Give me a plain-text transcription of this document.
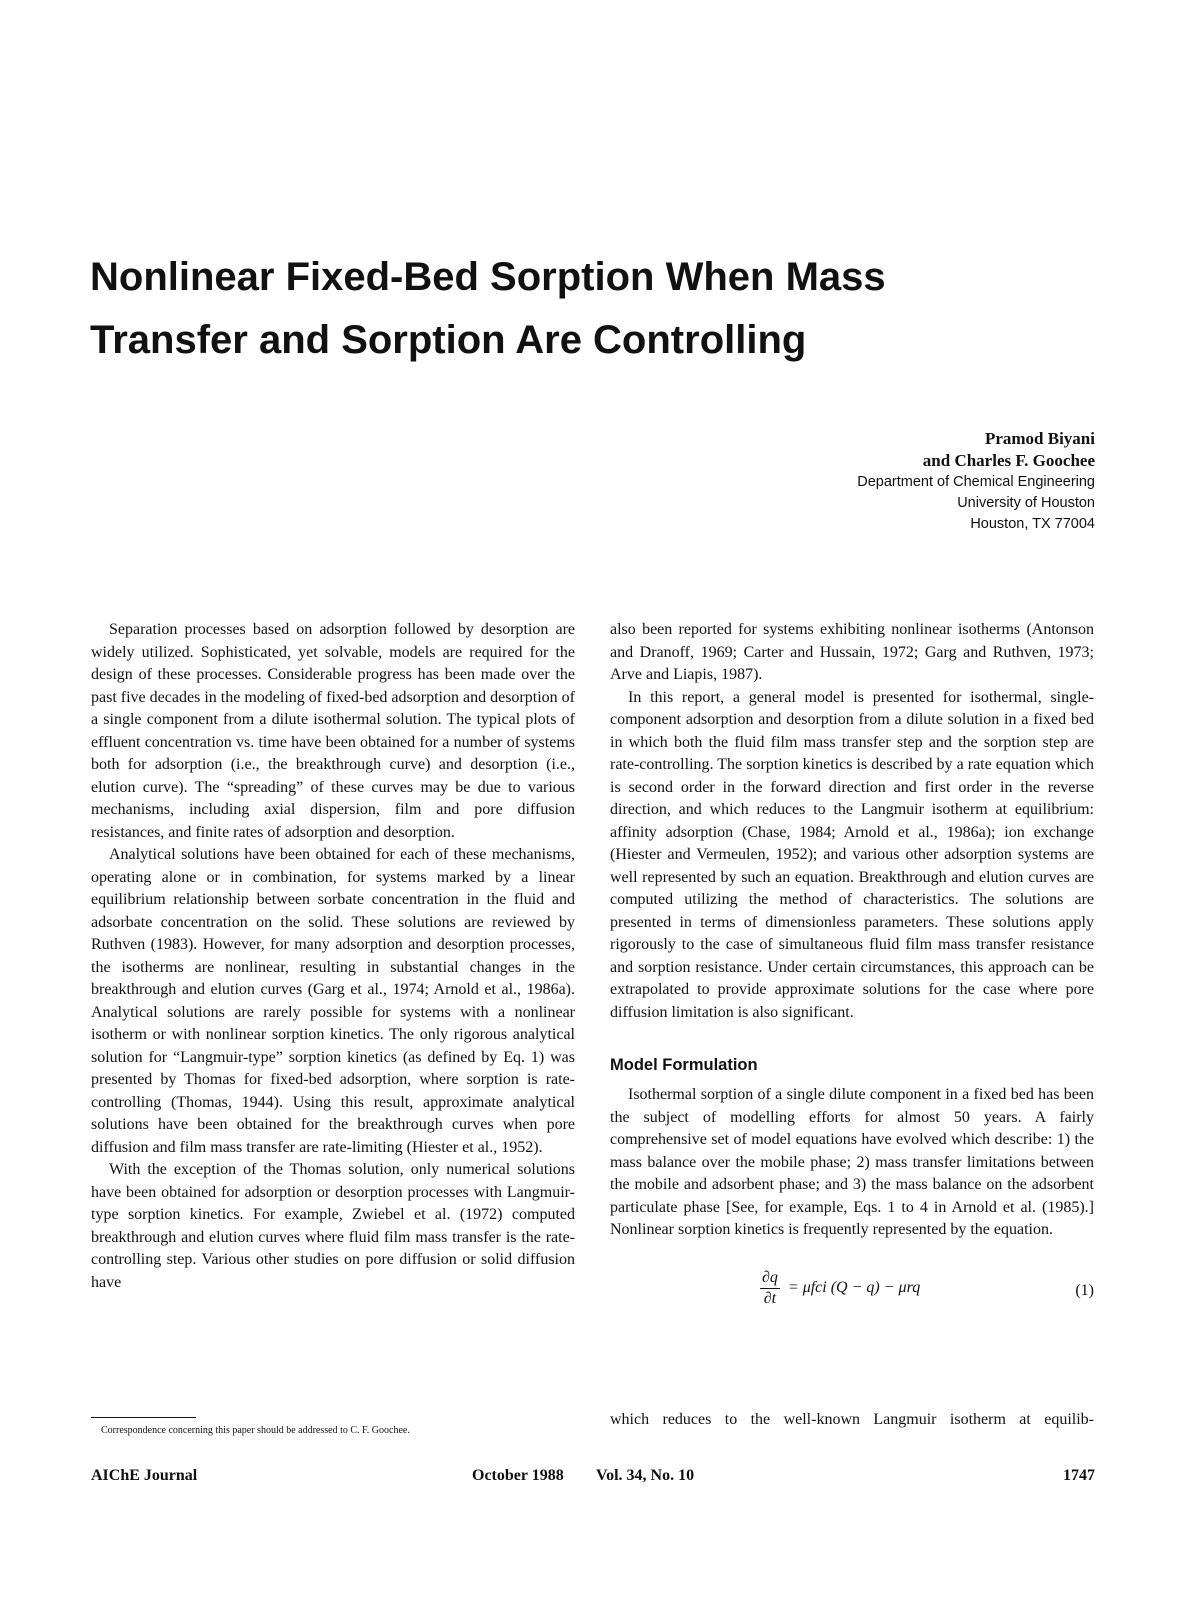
Nonlinear Fixed-Bed Sorption When Mass
Transfer and Sorption Are Controlling
Pramod Biyani
and Charles F. Goochee
Department of Chemical Engineering
University of Houston
Houston, TX 77004

Separation processes based on adsorption followed by desorption are widely utilized. Sophisticated, yet solvable, models are required for the design of these processes. Considerable progress has been made over the past five decades in the modeling of fixed-bed adsorption and desorption of a single component from a dilute isothermal solution. The typical plots of effluent concentration vs. time have been obtained for a number of systems both for adsorption (i.e., the breakthrough curve) and desorption (i.e., elution curve). The “spreading” of these curves may be due to various mechanisms, including axial dispersion, film and pore diffusion resistances, and finite rates of adsorption and desorption.

Analytical solutions have been obtained for each of these mechanisms, operating alone or in combination, for systems marked by a linear equilibrium relationship between sorbate concentration in the fluid and adsorbate concentration on the solid. These solutions are reviewed by Ruthven (1983). However, for many adsorption and desorption processes, the isotherms are nonlinear, resulting in substantial changes in the breakthrough and elution curves (Garg et al., 1974; Arnold et al., 1986a). Analytical solutions are rarely possible for systems with a nonlinear isotherm or with nonlinear sorption kinetics. The only rigorous analytical solution for “Langmuir-type” sorption kinetics (as defined by Eq. 1) was presented by Thomas for fixed-bed adsorption, where sorption is rate-controlling (Thomas, 1944). Using this result, approximate analytical solutions have been obtained for the breakthrough curves when pore diffusion and film mass transfer are rate-limiting (Hiester et al., 1952).

With the exception of the Thomas solution, only numerical solutions have been obtained for adsorption or desorption processes with Langmuir-type sorption kinetics. For example, Zwiebel et al. (1972) computed breakthrough and elution curves where fluid film mass transfer is the rate-controlling step. Various other studies on pore diffusion or solid diffusion have

also been reported for systems exhibiting nonlinear isotherms (Antonson and Dranoff, 1969; Carter and Hussain, 1972; Garg and Ruthven, 1973; Arve and Liapis, 1987).

In this report, a general model is presented for isothermal, single-component adsorption and desorption from a dilute solution in a fixed bed in which both the fluid film mass transfer step and the sorption step are rate-controlling. The sorption kinetics is described by a rate equation which is second order in the forward direction and first order in the reverse direction, and which reduces to the Langmuir isotherm at equilibrium: affinity adsorption (Chase, 1984; Arnold et al., 1986a); ion exchange (Hiester and Vermeulen, 1952); and various other adsorption systems are well represented by such an equation. Breakthrough and elution curves are computed utilizing the method of characteristics. The solutions are presented in terms of dimensionless parameters. These solutions apply rigorously to the case of simultaneous fluid film mass transfer resistance and sorption resistance. Under certain circumstances, this approach can be extrapolated to provide approximate solutions for the case where pore diffusion limitation is also significant.

Model Formulation

Isothermal sorption of a single dilute component in a fixed bed has been the subject of modelling efforts for almost 50 years. A fairly comprehensive set of model equations have evolved which describe: 1) the mass balance over the mobile phase; 2) mass transfer limitations between the mobile and adsorbent phase; and 3) the mass balance on the adsorbent particulate phase [See, for example, Eqs. 1 to 4 in Arnold et al. (1985).] Nonlinear sorption kinetics is frequently represented by the equation.

$\frac{\partial q}{\partial t} = \mu fci$ (Q − q) − μrq	(1)
which reduces to the well-known Langmuir isotherm at equilib-
Correspondence concerning this paper should be addressed to C. F. Goochee.
AIChE Journal	October 1988 Vol. 34, No. 10	1747
